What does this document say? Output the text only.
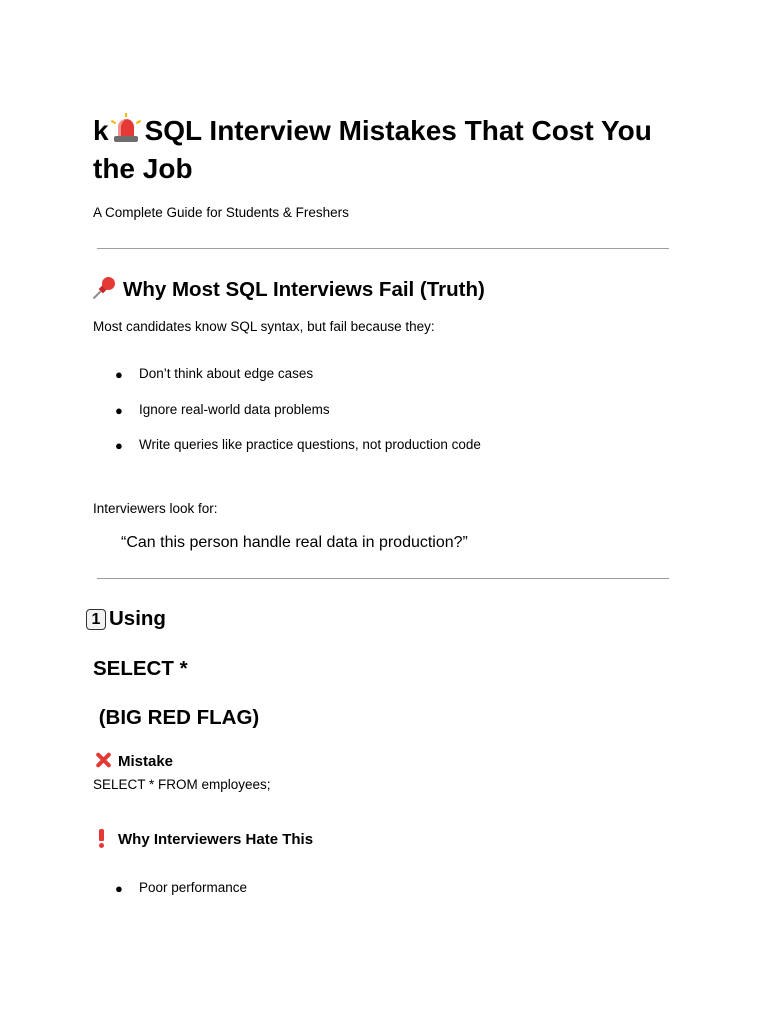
k SQL Interview Mistakes That Cost You the Job
A Complete Guide for Students & Freshers
Why Most SQL Interviews Fail (Truth)
Most candidates know SQL syntax, but fail because they:
● Don’t think about edge cases
● Ignore real-world data problems
● Write queries like practice questions, not production code
Interviewers look for:
“Can this person handle real data in production?”
1 Using
SELECT *
(BIG RED FLAG)
Mistake
SELECT * FROM employees;
Why Interviewers Hate This
● Poor performance
